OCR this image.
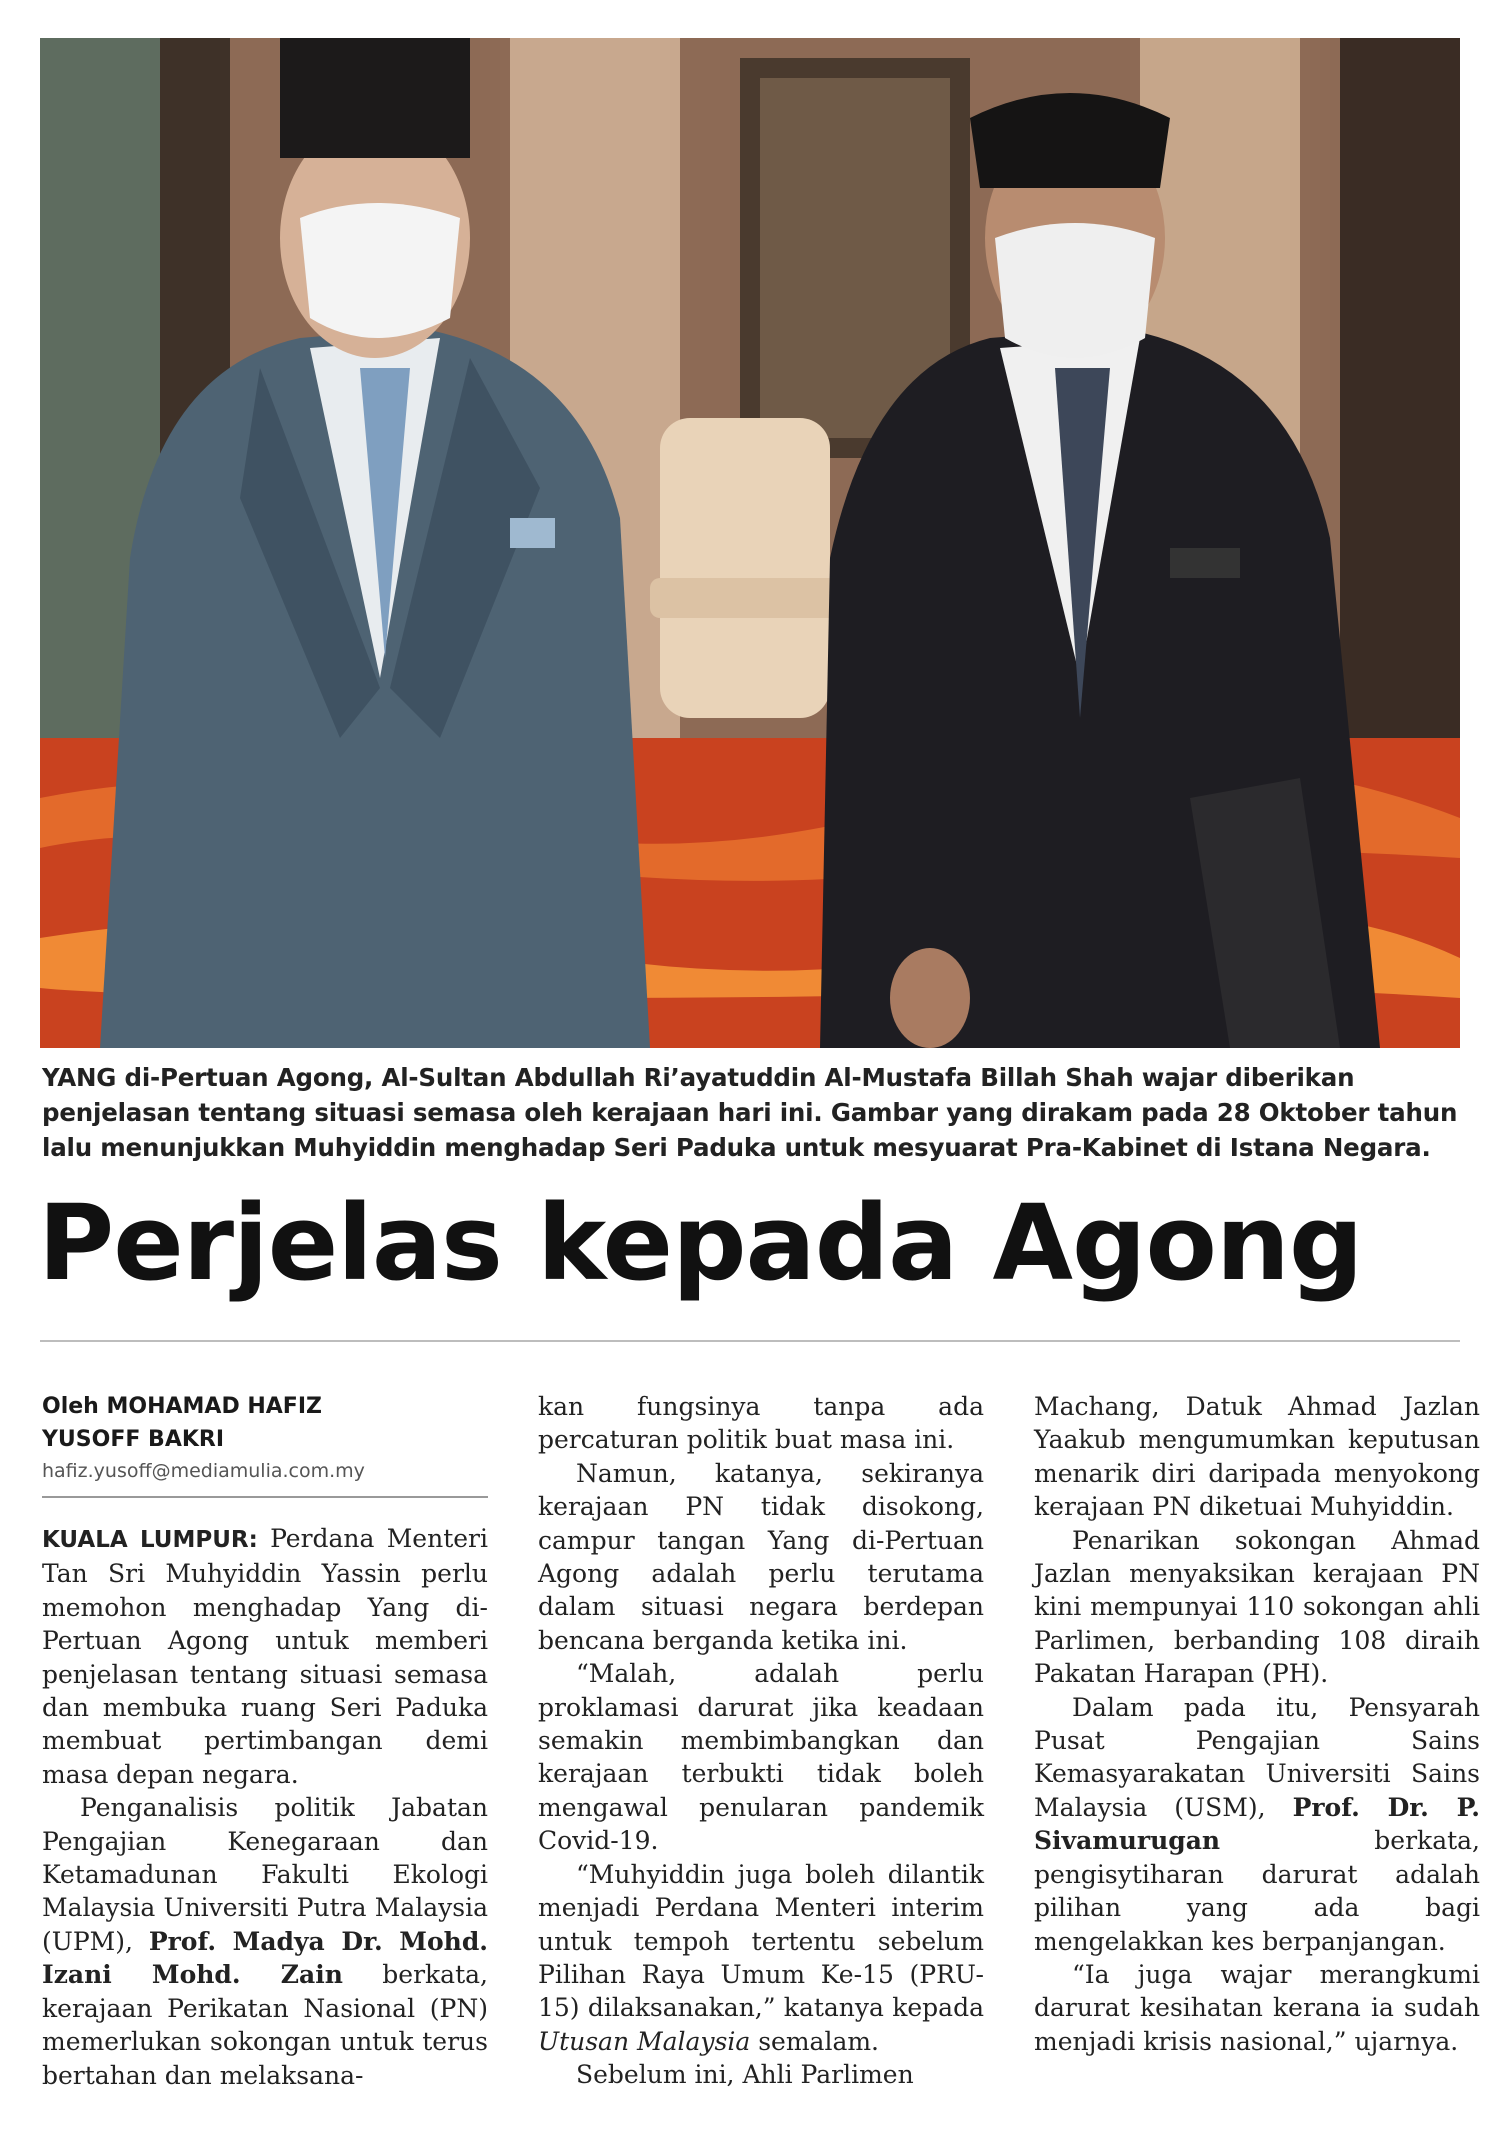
YANG di-Pertuan Agong, Al-Sultan Abdullah Ri’ayatuddin Al-Mustafa Billah Shah wajar diberikan penjelasan tentang situasi semasa oleh kerajaan hari ini. Gambar yang dirakam pada 28 Oktober tahun lalu menunjukkan Muhyiddin menghadap Seri Paduka untuk mesyuarat Pra-Kabinet di Istana Negara.
Perjelas kepada Agong
Oleh MOHAMAD HAFIZ
YUSOFF BAKRI
hafiz.yusoff@mediamulia.com.my

KUALA LUMPUR: Perdana Menteri Tan Sri Muhyiddin Yassin perlu memohon menghadap Yang di-Pertuan Agong untuk memberi penjelasan tentang situasi semasa dan membuka ruang Seri Paduka membuat pertimbangan demi masa depan negara.

Penganalisis politik Jabatan Pengajian Kenegaraan dan Ketamadunan Fakulti Ekologi Malaysia Universiti Putra Malaysia (UPM), Prof. Madya Dr. Mohd. Izani Mohd. Zain berkata, kerajaan Perikatan Nasional (PN) memerlukan sokongan untuk terus bertahan dan melaksana-

kan fungsinya tanpa ada percaturan politik buat masa ini.

Namun, katanya, sekiranya kerajaan PN tidak disokong, campur tangan Yang di-Pertuan Agong adalah perlu terutama dalam situasi negara berdepan bencana berganda ketika ini.

“Malah, adalah perlu proklamasi darurat jika keadaan semakin membimbangkan dan kerajaan terbukti tidak boleh mengawal penularan pandemik Covid-19.

“Muhyiddin juga boleh dilantik menjadi Perdana Menteri interim untuk tempoh tertentu sebelum Pilihan Raya Umum Ke-15 (PRU-15) dilaksanakan,” katanya kepada Utusan Malaysia semalam.

Sebelum ini, Ahli Parlimen

Machang, Datuk Ahmad Jazlan Yaakub mengumumkan keputusan menarik diri daripada menyokong kerajaan PN diketuai Muhyiddin.

Penarikan sokongan Ahmad Jazlan menyaksikan kerajaan PN kini mempunyai 110 sokongan ahli Parlimen, berbanding 108 diraih Pakatan Harapan (PH).

Dalam pada itu, Pensyarah Pusat Pengajian Sains Kemasyarakatan Universiti Sains Malaysia (USM), Prof. Dr. P. Sivamurugan berkata, pengisytiharan darurat adalah pilihan yang ada bagi mengelakkan kes berpanjangan.

“Ia juga wajar merangkumi darurat kesihatan kerana ia sudah menjadi krisis nasional,” ujarnya.
